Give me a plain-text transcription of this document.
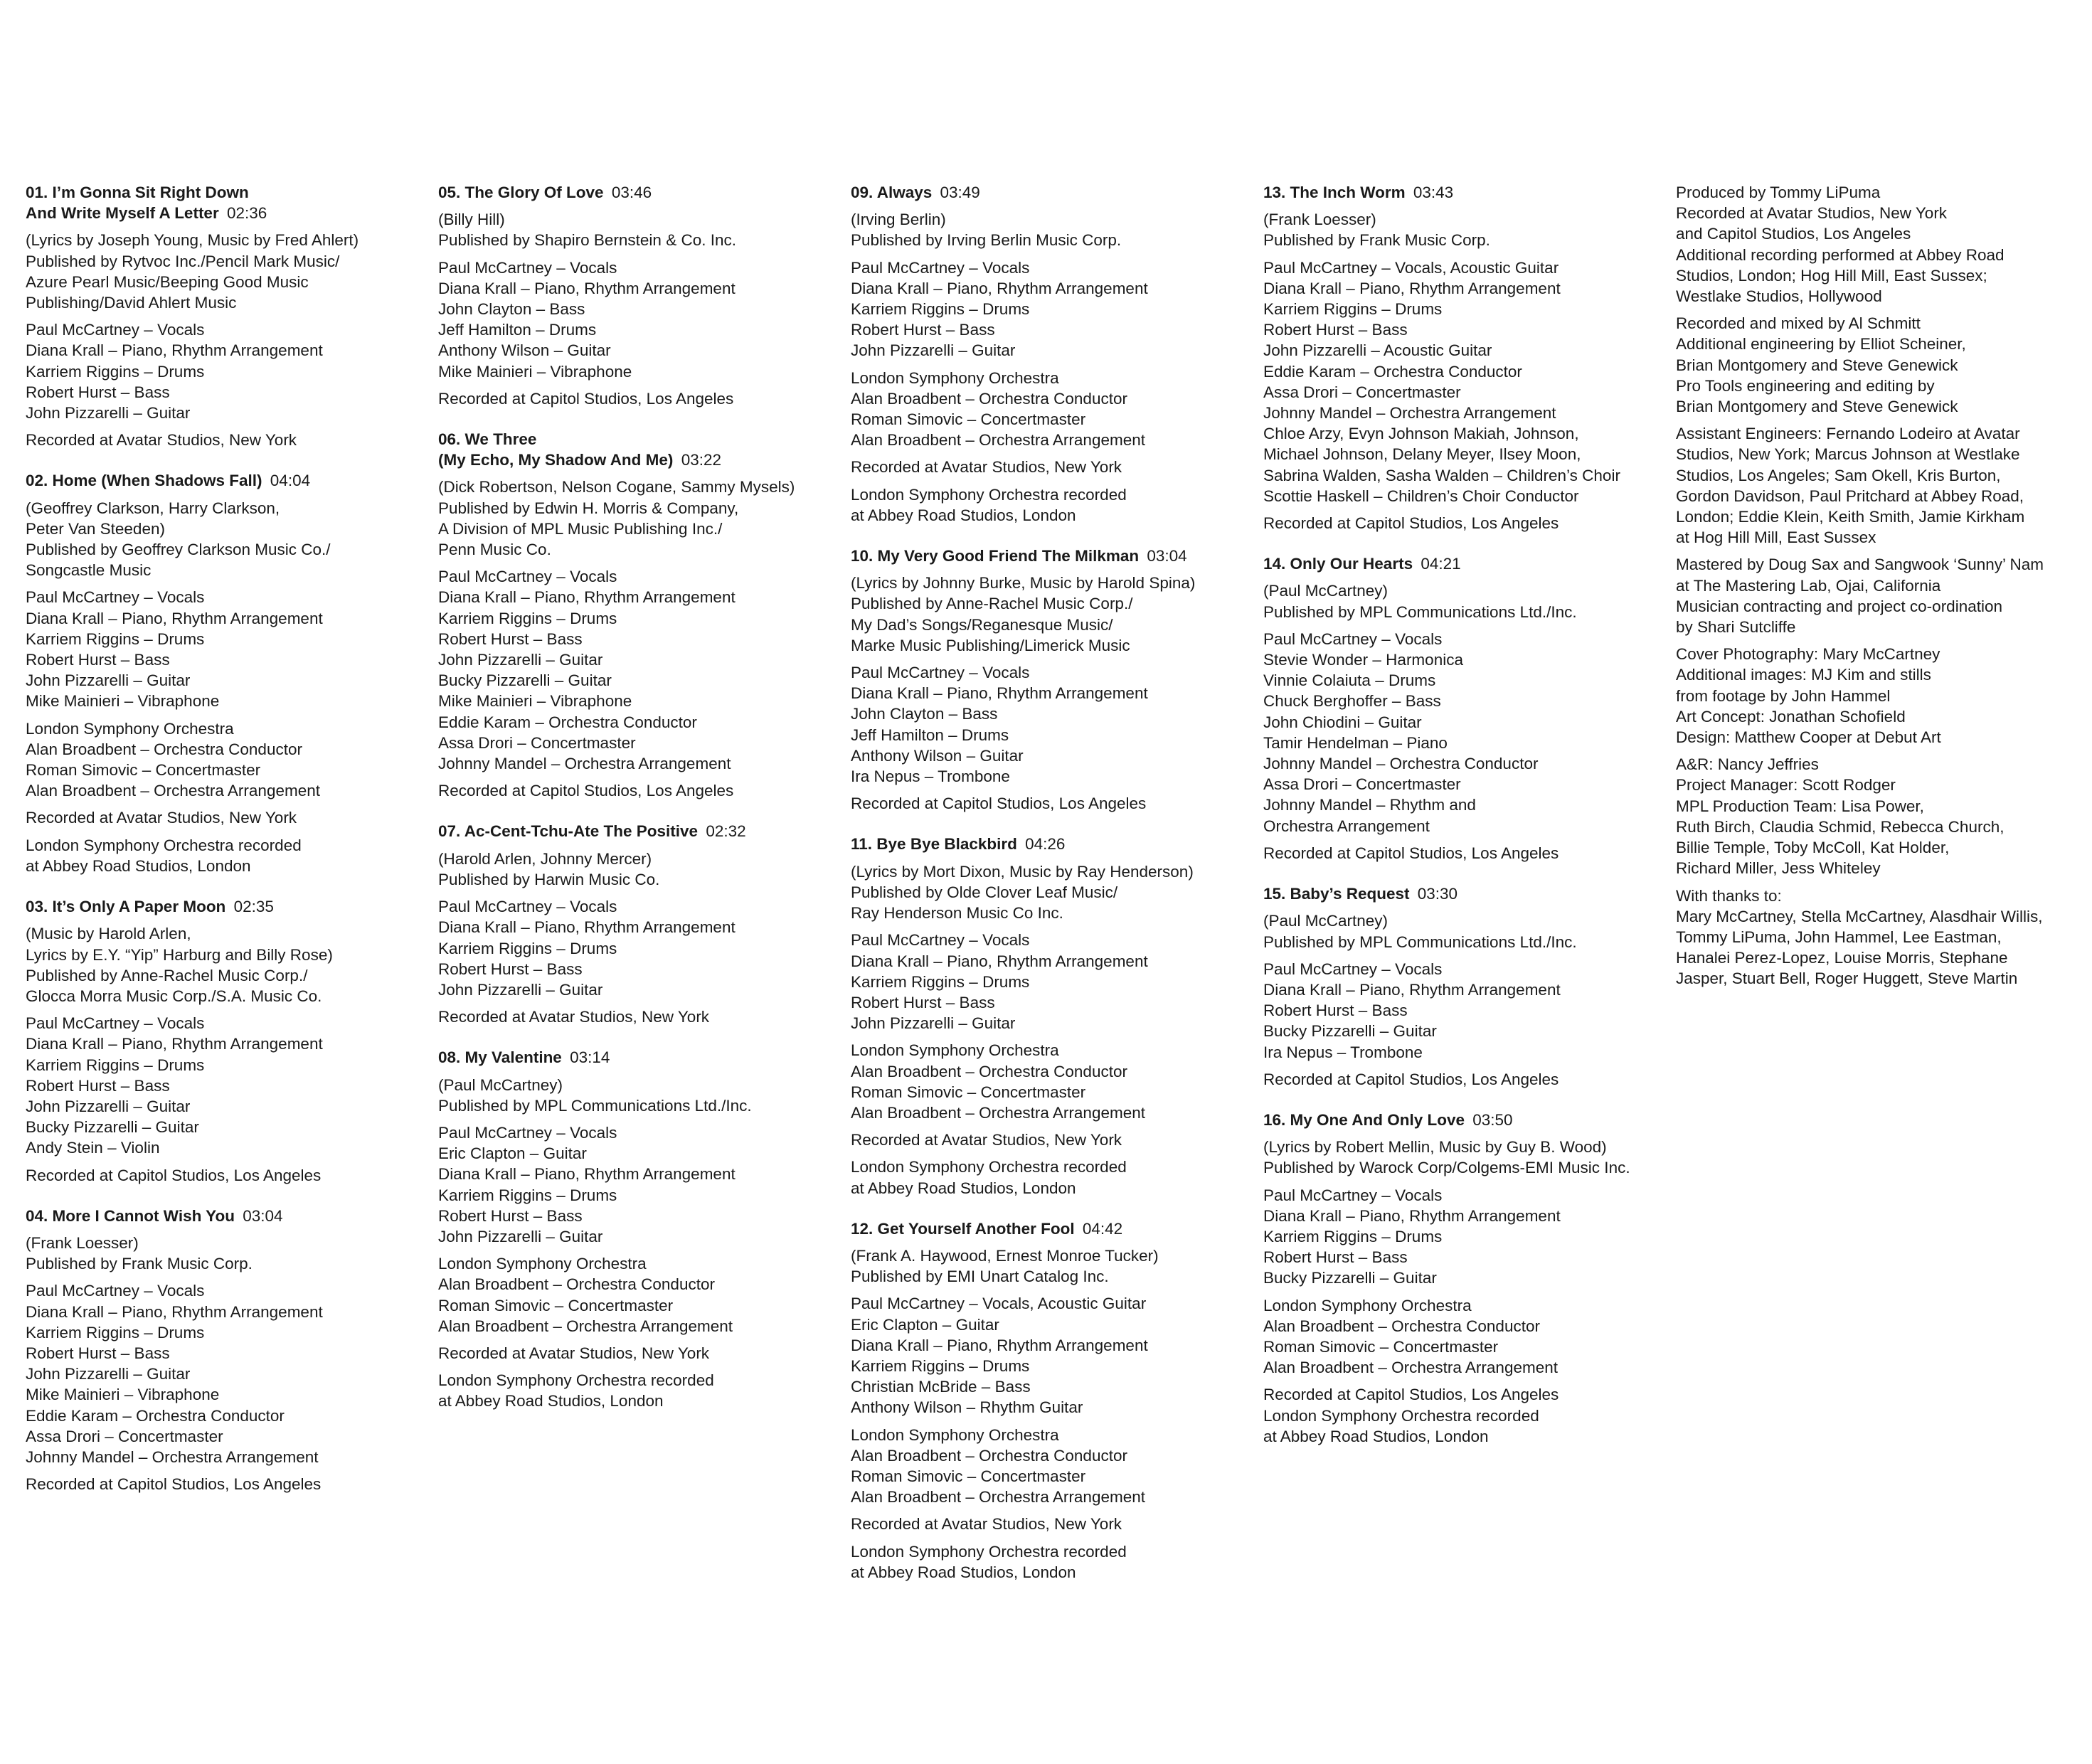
01. I’m Gonna Sit Right Down
And Write Myself A Letter  02:36
(Lyrics by Joseph Young, Music by Fred Ahlert)
Published by Rytvoc Inc./Pencil Mark Music/
Azure Pearl Music/Beeping Good Music
Publishing/David Ahlert Music
Paul McCartney – Vocals
Diana Krall – Piano, Rhythm Arrangement
Karriem Riggins – Drums
Robert Hurst – Bass
John Pizzarelli – Guitar
Recorded at Avatar Studios, New York
02. Home (When Shadows Fall)  04:04
(Geoffrey Clarkson, Harry Clarkson,
Peter Van Steeden)
Published by Geoffrey Clarkson Music Co./
Songcastle Music
Paul McCartney – Vocals
Diana Krall – Piano, Rhythm Arrangement
Karriem Riggins – Drums
Robert Hurst – Bass
John Pizzarelli – Guitar
Mike Mainieri – Vibraphone
London Symphony Orchestra
Alan Broadbent – Orchestra Conductor
Roman Simovic – Concertmaster
Alan Broadbent – Orchestra Arrangement
Recorded at Avatar Studios, New York
London Symphony Orchestra recorded
at Abbey Road Studios, London
03. It’s Only A Paper Moon  02:35
(Music by Harold Arlen,
Lyrics by E.Y. “Yip” Harburg and Billy Rose)
Published by Anne-Rachel Music Corp./
Glocca Morra Music Corp./S.A. Music Co.
Paul McCartney – Vocals
Diana Krall – Piano, Rhythm Arrangement
Karriem Riggins – Drums
Robert Hurst – Bass
John Pizzarelli – Guitar
Bucky Pizzarelli – Guitar
Andy Stein – Violin
Recorded at Capitol Studios, Los Angeles
04. More I Cannot Wish You  03:04
(Frank Loesser)
Published by Frank Music Corp.
Paul McCartney – Vocals
Diana Krall – Piano, Rhythm Arrangement
Karriem Riggins – Drums
Robert Hurst – Bass
John Pizzarelli – Guitar
Mike Mainieri – Vibraphone
Eddie Karam – Orchestra Conductor
Assa Drori – Concertmaster
Johnny Mandel – Orchestra Arrangement
Recorded at Capitol Studios, Los Angeles
05. The Glory Of Love  03:46
(Billy Hill)
Published by Shapiro Bernstein & Co. Inc.
Paul McCartney – Vocals
Diana Krall – Piano, Rhythm Arrangement
John Clayton – Bass
Jeff Hamilton – Drums
Anthony Wilson – Guitar
Mike Mainieri – Vibraphone
Recorded at Capitol Studios, Los Angeles
06. We Three
(My Echo, My Shadow And Me)  03:22
(Dick Robertson, Nelson Cogane, Sammy Mysels)
Published by Edwin H. Morris & Company,
A Division of MPL Music Publishing Inc./
Penn Music Co.
Paul McCartney – Vocals
Diana Krall – Piano, Rhythm Arrangement
Karriem Riggins – Drums
Robert Hurst – Bass
John Pizzarelli – Guitar
Bucky Pizzarelli – Guitar
Mike Mainieri – Vibraphone
Eddie Karam – Orchestra Conductor
Assa Drori – Concertmaster
Johnny Mandel – Orchestra Arrangement
Recorded at Capitol Studios, Los Angeles
07. Ac-Cent-Tchu-Ate The Positive  02:32
(Harold Arlen, Johnny Mercer)
Published by Harwin Music Co.
Paul McCartney – Vocals
Diana Krall – Piano, Rhythm Arrangement
Karriem Riggins – Drums
Robert Hurst – Bass
John Pizzarelli – Guitar
Recorded at Avatar Studios, New York
08. My Valentine  03:14
(Paul McCartney)
Published by MPL Communications Ltd./Inc.
Paul McCartney – Vocals
Eric Clapton – Guitar
Diana Krall – Piano, Rhythm Arrangement
Karriem Riggins – Drums
Robert Hurst – Bass
John Pizzarelli – Guitar
London Symphony Orchestra
Alan Broadbent – Orchestra Conductor
Roman Simovic – Concertmaster
Alan Broadbent – Orchestra Arrangement
Recorded at Avatar Studios, New York
London Symphony Orchestra recorded
at Abbey Road Studios, London
09. Always  03:49
(Irving Berlin)
Published by Irving Berlin Music Corp.
Paul McCartney – Vocals
Diana Krall – Piano, Rhythm Arrangement
Karriem Riggins – Drums
Robert Hurst – Bass
John Pizzarelli – Guitar
London Symphony Orchestra
Alan Broadbent – Orchestra Conductor
Roman Simovic – Concertmaster
Alan Broadbent – Orchestra Arrangement
Recorded at Avatar Studios, New York
London Symphony Orchestra recorded
at Abbey Road Studios, London
10. My Very Good Friend The Milkman  03:04
(Lyrics by Johnny Burke, Music by Harold Spina)
Published by Anne-Rachel Music Corp./
My Dad’s Songs/Reganesque Music/
Marke Music Publishing/Limerick Music
Paul McCartney – Vocals
Diana Krall – Piano, Rhythm Arrangement
John Clayton – Bass
Jeff Hamilton – Drums
Anthony Wilson – Guitar
Ira Nepus – Trombone
Recorded at Capitol Studios, Los Angeles
11. Bye Bye Blackbird  04:26
(Lyrics by Mort Dixon, Music by Ray Henderson)
Published by Olde Clover Leaf Music/
Ray Henderson Music Co Inc.
Paul McCartney – Vocals
Diana Krall – Piano, Rhythm Arrangement
Karriem Riggins – Drums
Robert Hurst – Bass
John Pizzarelli – Guitar
London Symphony Orchestra
Alan Broadbent – Orchestra Conductor
Roman Simovic – Concertmaster
Alan Broadbent – Orchestra Arrangement
Recorded at Avatar Studios, New York
London Symphony Orchestra recorded
at Abbey Road Studios, London
12. Get Yourself Another Fool  04:42
(Frank A. Haywood, Ernest Monroe Tucker)
Published by EMI Unart Catalog Inc.
Paul McCartney – Vocals, Acoustic Guitar
Eric Clapton – Guitar
Diana Krall – Piano, Rhythm Arrangement
Karriem Riggins – Drums
Christian McBride – Bass
Anthony Wilson – Rhythm Guitar
London Symphony Orchestra
Alan Broadbent – Orchestra Conductor
Roman Simovic – Concertmaster
Alan Broadbent – Orchestra Arrangement
Recorded at Avatar Studios, New York
London Symphony Orchestra recorded
at Abbey Road Studios, London
13. The Inch Worm  03:43
(Frank Loesser)
Published by Frank Music Corp.
Paul McCartney – Vocals, Acoustic Guitar
Diana Krall – Piano, Rhythm Arrangement
Karriem Riggins – Drums
Robert Hurst – Bass
John Pizzarelli – Acoustic Guitar
Eddie Karam – Orchestra Conductor
Assa Drori – Concertmaster
Johnny Mandel – Orchestra Arrangement
Chloe Arzy, Evyn Johnson Makiah, Johnson,
Michael Johnson, Delany Meyer, Ilsey Moon,
Sabrina Walden, Sasha Walden – Children’s Choir
Scottie Haskell – Children’s Choir Conductor
Recorded at Capitol Studios, Los Angeles
14. Only Our Hearts  04:21
(Paul McCartney)
Published by MPL Communications Ltd./Inc.
Paul McCartney – Vocals
Stevie Wonder – Harmonica
Vinnie Colaiuta – Drums
Chuck Berghoffer – Bass
John Chiodini – Guitar
Tamir Hendelman – Piano
Johnny Mandel – Orchestra Conductor
Assa Drori – Concertmaster
Johnny Mandel – Rhythm and
Orchestra Arrangement
Recorded at Capitol Studios, Los Angeles
15. Baby’s Request  03:30
(Paul McCartney)
Published by MPL Communications Ltd./Inc.
Paul McCartney – Vocals
Diana Krall – Piano, Rhythm Arrangement
Robert Hurst – Bass
Bucky Pizzarelli – Guitar
Ira Nepus – Trombone
Recorded at Capitol Studios, Los Angeles
16. My One And Only Love  03:50
(Lyrics by Robert Mellin, Music by Guy B. Wood)
Published by Warock Corp/Colgems-EMI Music Inc.
Paul McCartney – Vocals
Diana Krall – Piano, Rhythm Arrangement
Karriem Riggins – Drums
Robert Hurst – Bass
Bucky Pizzarelli – Guitar
London Symphony Orchestra
Alan Broadbent – Orchestra Conductor
Roman Simovic – Concertmaster
Alan Broadbent – Orchestra Arrangement
Recorded at Capitol Studios, Los Angeles
London Symphony Orchestra recorded
at Abbey Road Studios, London
Produced by Tommy LiPuma
Recorded at Avatar Studios, New York
and Capitol Studios, Los Angeles
Additional recording performed at Abbey Road
Studios, London; Hog Hill Mill, East Sussex;
Westlake Studios, Hollywood
Recorded and mixed by Al Schmitt
Additional engineering by Elliot Scheiner,
Brian Montgomery and Steve Genewick
Pro Tools engineering and editing by
Brian Montgomery and Steve Genewick
Assistant Engineers: Fernando Lodeiro at Avatar
Studios, New York; Marcus Johnson at Westlake
Studios, Los Angeles; Sam Okell, Kris Burton,
Gordon Davidson, Paul Pritchard at Abbey Road,
London; Eddie Klein, Keith Smith, Jamie Kirkham
at Hog Hill Mill, East Sussex
Mastered by Doug Sax and Sangwook ‘Sunny’ Nam
at The Mastering Lab, Ojai, California
Musician contracting and project co-ordination
by Shari Sutcliffe
Cover Photography: Mary McCartney
Additional images: MJ Kim and stills
from footage by John Hammel
Art Concept: Jonathan Schofield
Design: Matthew Cooper at Debut Art
A&R: Nancy Jeffries
Project Manager: Scott Rodger
MPL Production Team: Lisa Power,
Ruth Birch, Claudia Schmid, Rebecca Church,
Billie Temple, Toby McColl, Kat Holder,
Richard Miller, Jess Whiteley
With thanks to:
Mary McCartney, Stella McCartney, Alasdhair Willis,
Tommy LiPuma, John Hammel, Lee Eastman,
Hanalei Perez-Lopez, Louise Morris, Stephane
Jasper, Stuart Bell, Roger Huggett, Steve Martin
